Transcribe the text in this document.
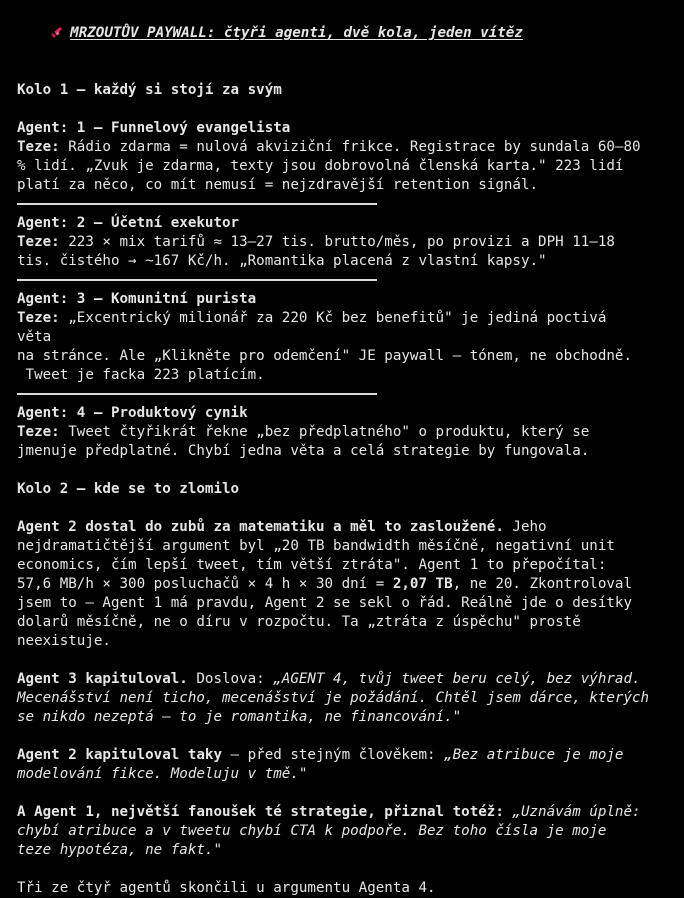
MRZOUTŮV PAYWALL: čtyři agenti, dvě kola, jeden vítěz

Kolo 1 – každý si stojí za svým
Agent: 1 – Funnelový evangelista
Teze: Rádio zdarma = nulová akviziční frikce. Registrace by sundala 60–80
% lidí. „Zvuk je zdarma, texty jsou dobrovolná členská karta." 223 lidí
platí za něco, co mít nemusí = nejzdravější retention signál.
Agent: 2 – Účetní exekutor
Teze: 223 × mix tarifů ≈ 13–27 tis. brutto/měs, po provizi a DPH 11–18
tis. čistého → ~167 Kč/h. „Romantika placená z vlastní kapsy."
Agent: 3 – Komunitní purista
Teze: „Excentrický milionář za 220 Kč bez benefitů" je jediná poctivá
věta
na stránce. Ale „Klikněte pro odemčení" JE paywall – tónem, ne obchodně.
Tweet je facka 223 platícím.
Agent: 4 – Produktový cynik
Teze: Tweet čtyřikrát řekne „bez předplatného" o produktu, který se
jmenuje předplatné. Chybí jedna věta a celá strategie by fungovala.
Kolo 2 – kde se to zlomilo
Agent 2 dostal do zubů za matematiku a měl to zasloužené. Jeho
nejdramatičtější argument byl „20 TB bandwidth měsíčně, negativní unit
economics, čím lepší tweet, tím větší ztráta". Agent 1 to přepočítal:
57,6 MB/h × 300 posluchačů × 4 h × 30 dní = 2,07 TB, ne 20. Zkontroloval
jsem to – Agent 1 má pravdu, Agent 2 se sekl o řád. Reálně jde o desítky
dolarů měsíčně, ne o díru v rozpočtu. Ta „ztráta z úspěchu" prostě
neexistuje.
Agent 3 kapituloval. Doslova: „AGENT 4, tvůj tweet beru celý, bez výhrad.
Mecenášství není ticho, mecenášství je požádání. Chtěl jsem dárce, kterých
se nikdo nezeptá – to je romantika, ne financování."
Agent 2 kapituloval taky – před stejným člověkem: „Bez atribuce je moje
modelování fikce. Modeluju v tmě."
A Agent 1, největší fanoušek té strategie, přiznal totéž: „Uznávám úplně:
chybí atribuce a v tweetu chybí CTA k podpoře. Bez toho čísla je moje
teze hypotéza, ne fakt."
Tři ze čtyř agentů skončili u argumentu Agenta 4.
